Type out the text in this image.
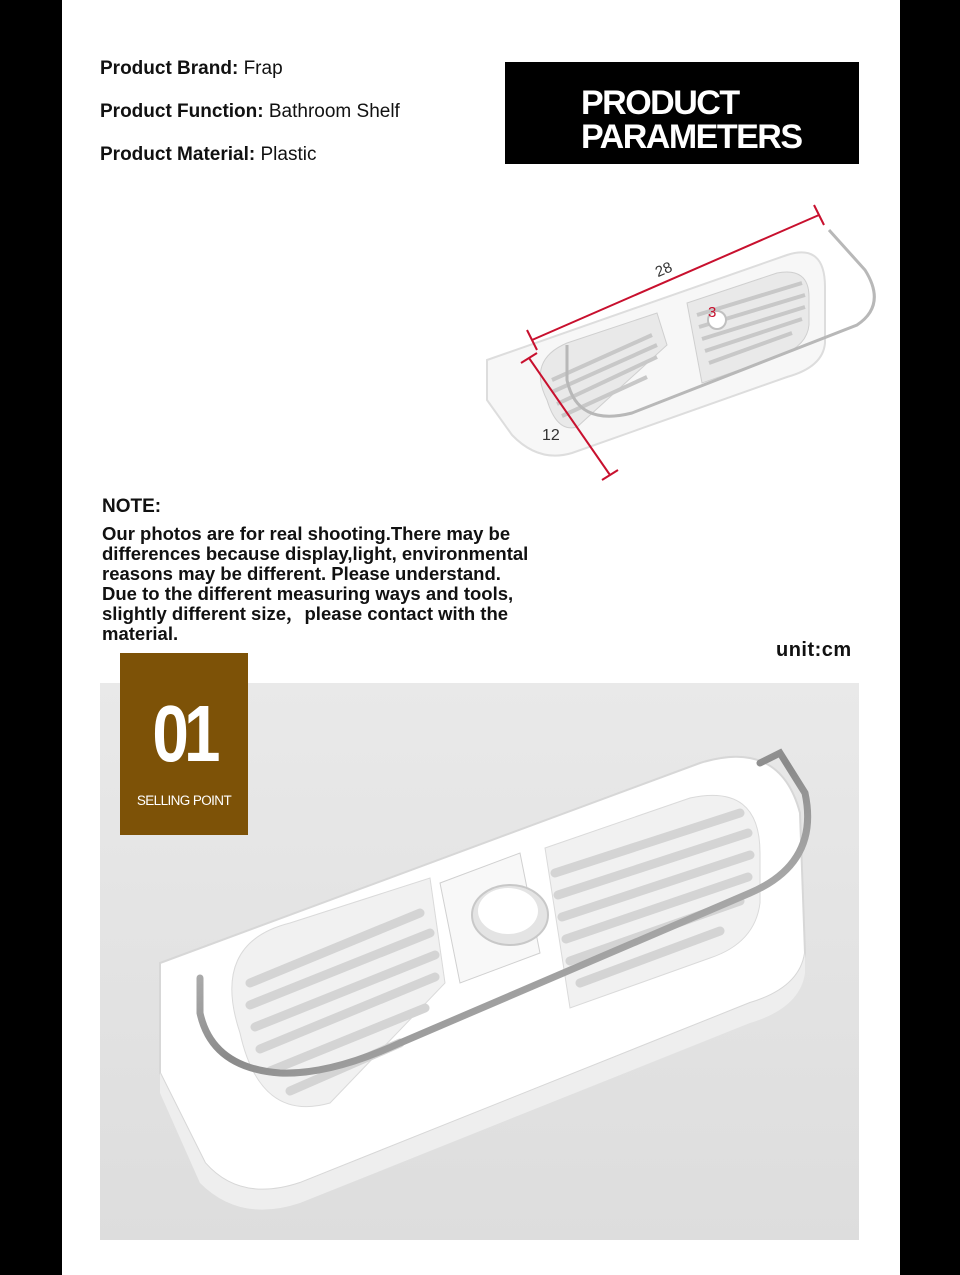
Product Brand: Frap
Product Function: Bathroom Shelf
Product Material: Plastic
PRODUCT
PARAMETERS
28
3
12
NOTE:
Our photos are for real shooting.There may be
differences because display,light, environmental
reasons may be different. Please understand.
Due to the different measuring ways and tools,
slightly different size，please contact with the
material.
unit:cm
01
SELLING POINT
